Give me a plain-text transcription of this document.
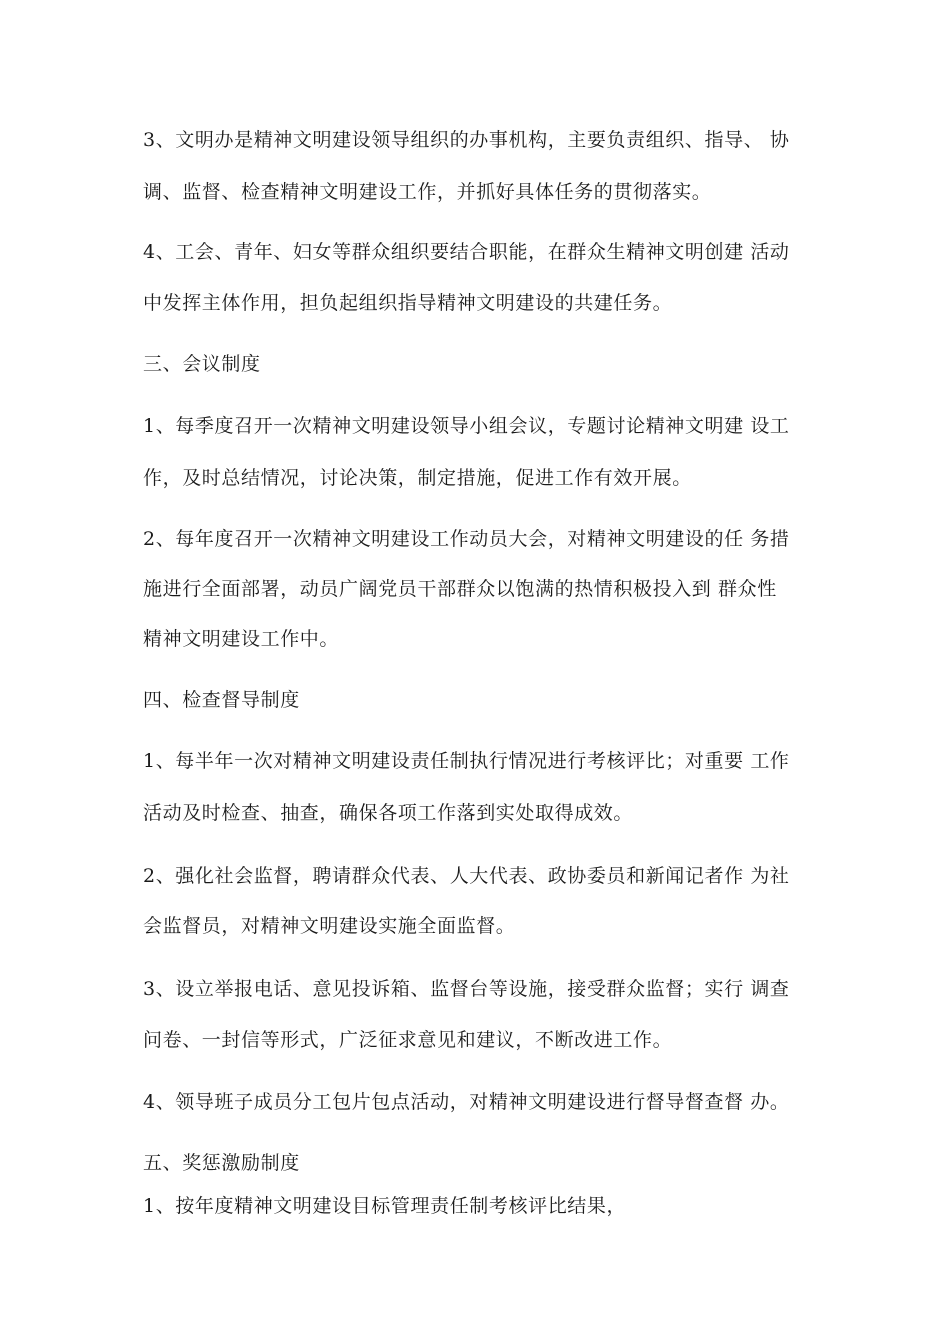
3、文明办是精神文明建设领导组织的办事机构，主要负责组织、指导、 协
调、监督、检查精神文明建设工作，并抓好具体任务的贯彻落实。
4、工会、青年、妇女等群众组织要结合职能，在群众生精神文明创建 活动
中发挥主体作用，担负起组织指导精神文明建设的共建任务。
三、会议制度
1、每季度召开一次精神文明建设领导小组会议，专题讨论精神文明建 设工
作，及时总结情况，讨论决策，制定措施，促进工作有效开展。
2、每年度召开一次精神文明建设工作动员大会，对精神文明建设的任 务措
施进行全面部署，动员广阔党员干部群众以饱满的热情积极投入到 群众性
精神文明建设工作中。
四、检查督导制度
1、每半年一次对精神文明建设责任制执行情况进行考核评比；对重要 工作
活动及时检查、抽查，确保各项工作落到实处取得成效。
2、强化社会监督，聘请群众代表、人大代表、政协委员和新闻记者作 为社
会监督员，对精神文明建设实施全面监督。
3、设立举报电话、意见投诉箱、监督台等设施，接受群众监督；实行 调查
问卷、一封信等形式，广泛征求意见和建议，不断改进工作。
4、领导班子成员分工包片包点活动，对精神文明建设进行督导督查督 办。
五、奖惩激励制度
1、按年度精神文明建设目标管理责任制考核评比结果，
